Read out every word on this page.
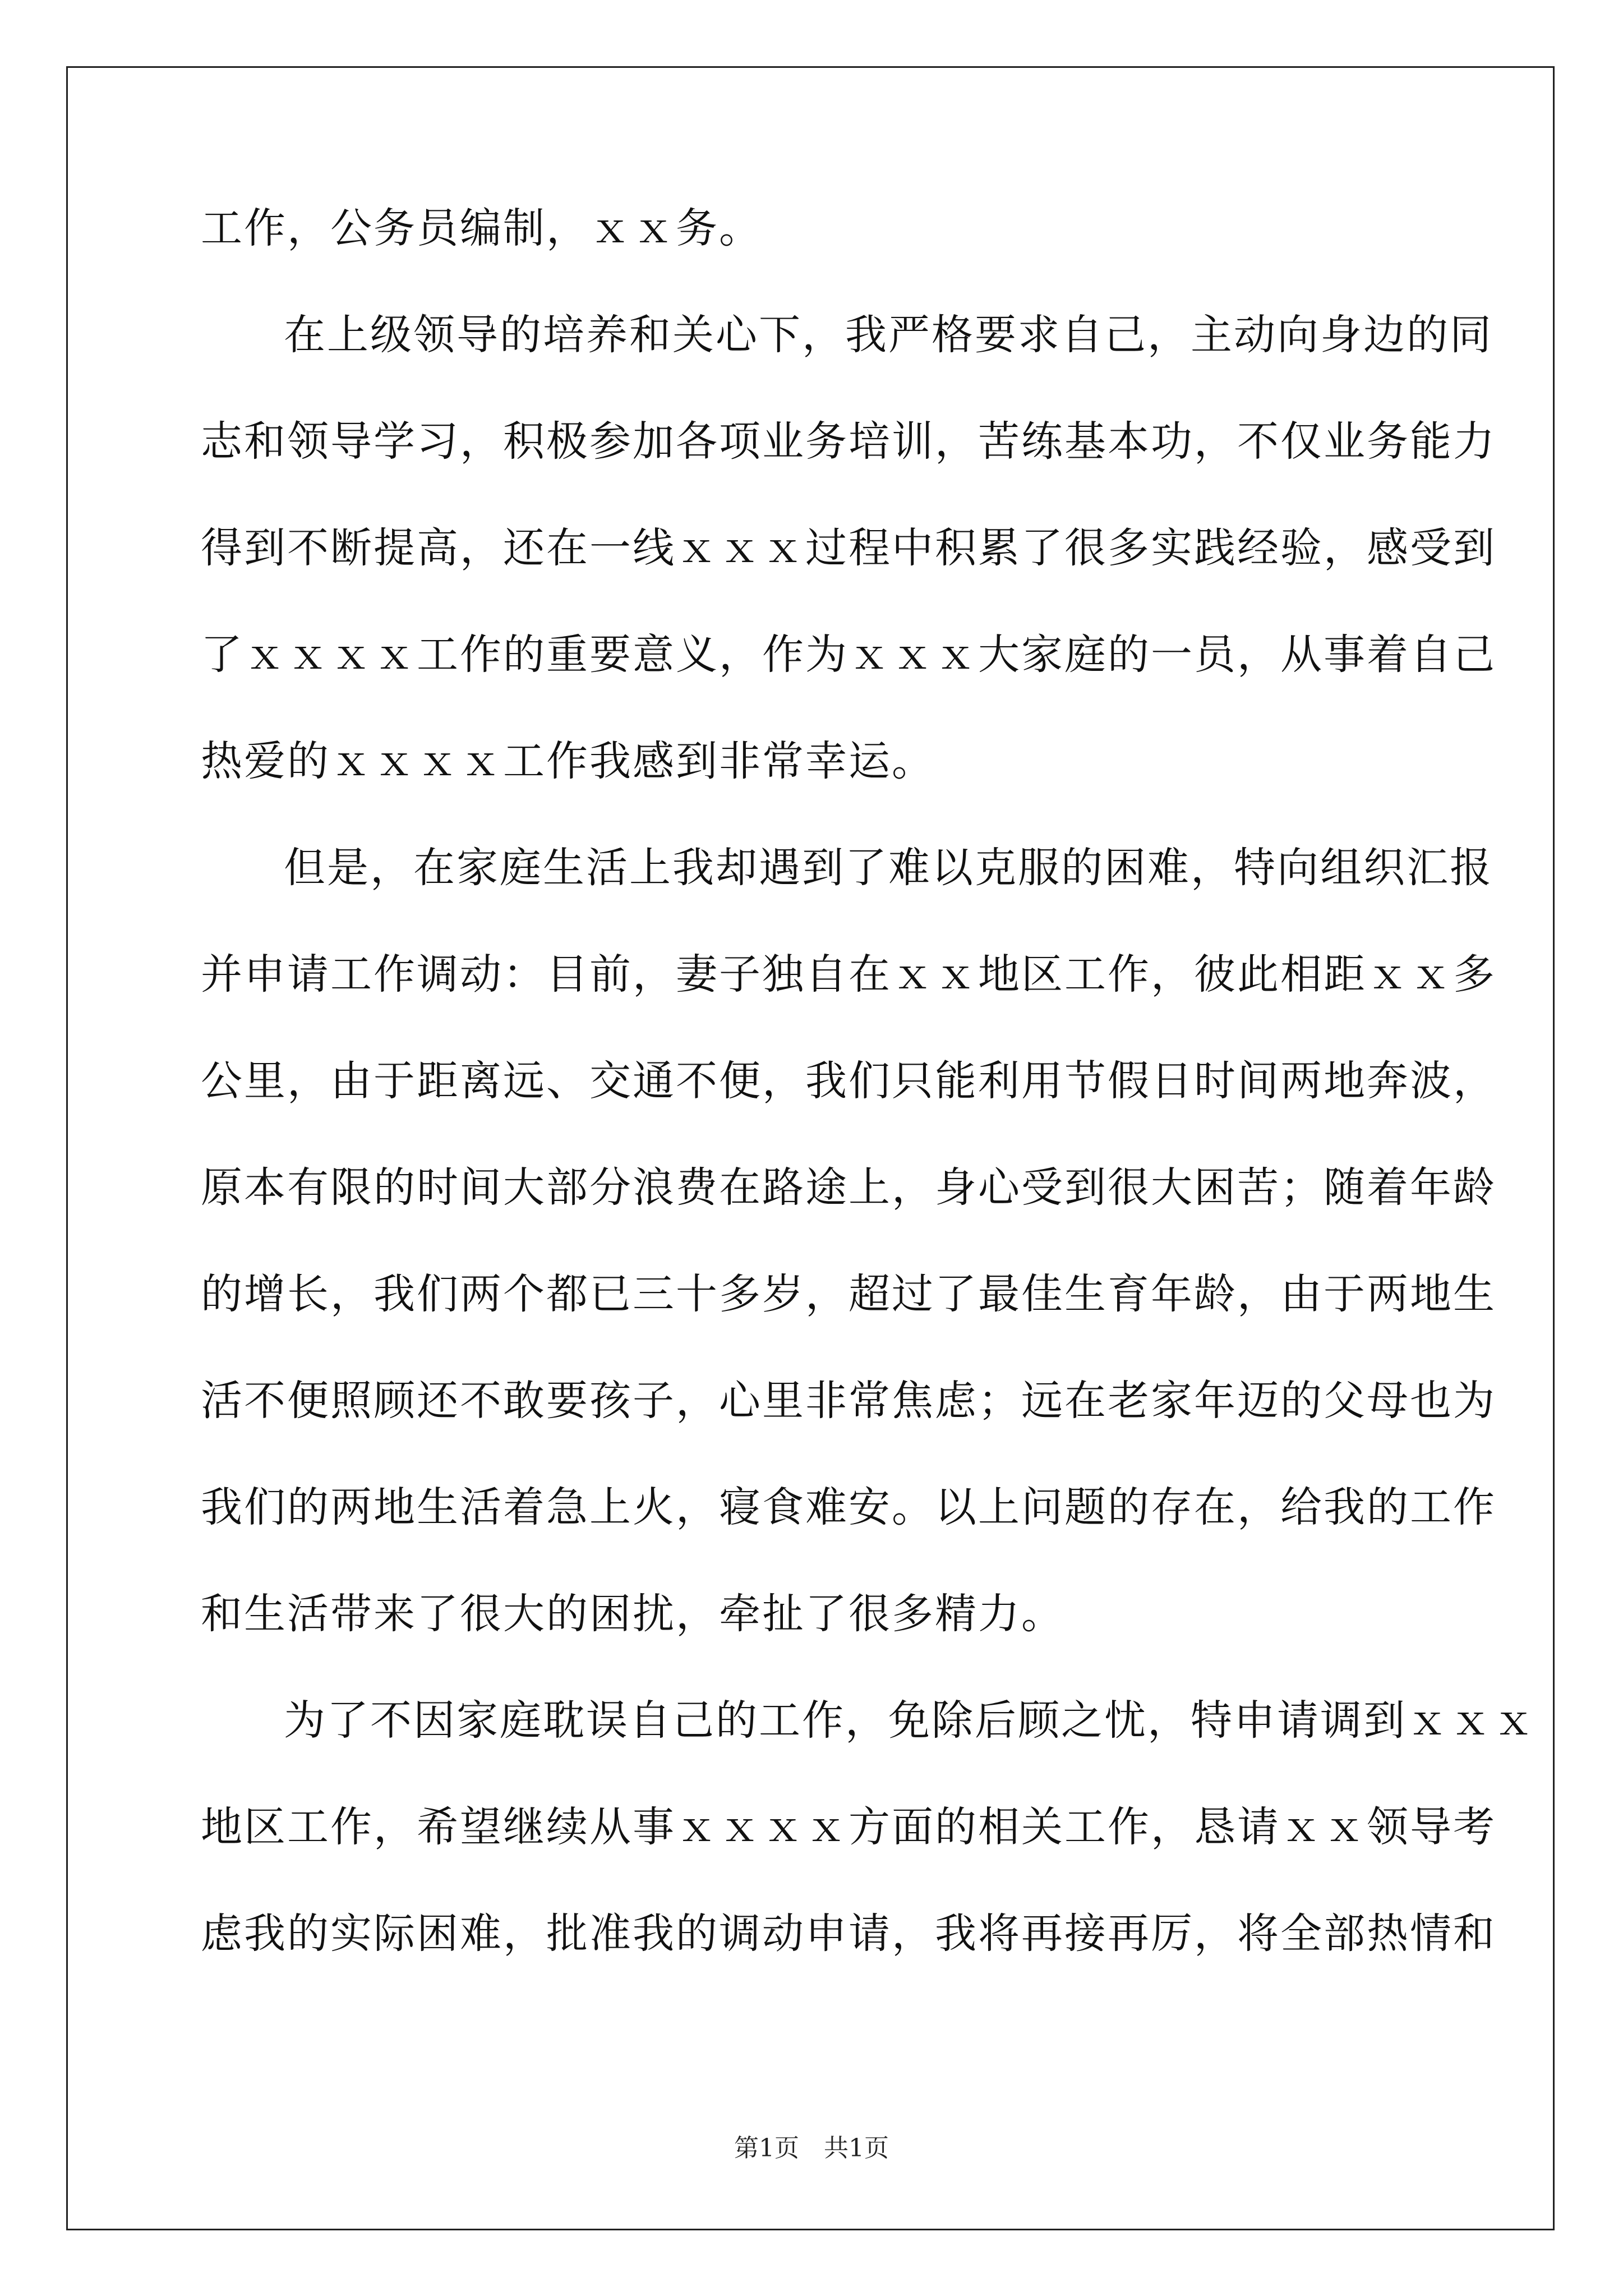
工作，公务员编制，ｘｘ务。
在上级领导的培养和关心下，我严格要求自己，主动向身边的同
志和领导学习，积极参加各项业务培训，苦练基本功，不仅业务能力
得到不断提高，还在一线ｘｘｘ过程中积累了很多实践经验，感受到
了ｘｘｘｘ工作的重要意义，作为ｘｘｘ大家庭的一员，从事着自己
热爱的ｘｘｘｘ工作我感到非常幸运。
但是，在家庭生活上我却遇到了难以克服的困难，特向组织汇报
并申请工作调动：目前，妻子独自在ｘｘ地区工作，彼此相距ｘｘ多
公里，由于距离远、交通不便，我们只能利用节假日时间两地奔波，
原本有限的时间大部分浪费在路途上，身心受到很大困苦；随着年龄
的增长，我们两个都已三十多岁，超过了最佳生育年龄，由于两地生
活不便照顾还不敢要孩子，心里非常焦虑；远在老家年迈的父母也为
我们的两地生活着急上火，寝食难安。以上问题的存在，给我的工作
和生活带来了很大的困扰，牵扯了很多精力。
为了不因家庭耽误自己的工作，免除后顾之忧，特申请调到ｘｘｘ
地区工作，希望继续从事ｘｘｘｘ方面的相关工作，恳请ｘｘ领导考
虑我的实际困难，批准我的调动申请，我将再接再厉，将全部热情和
第1页　共1页
